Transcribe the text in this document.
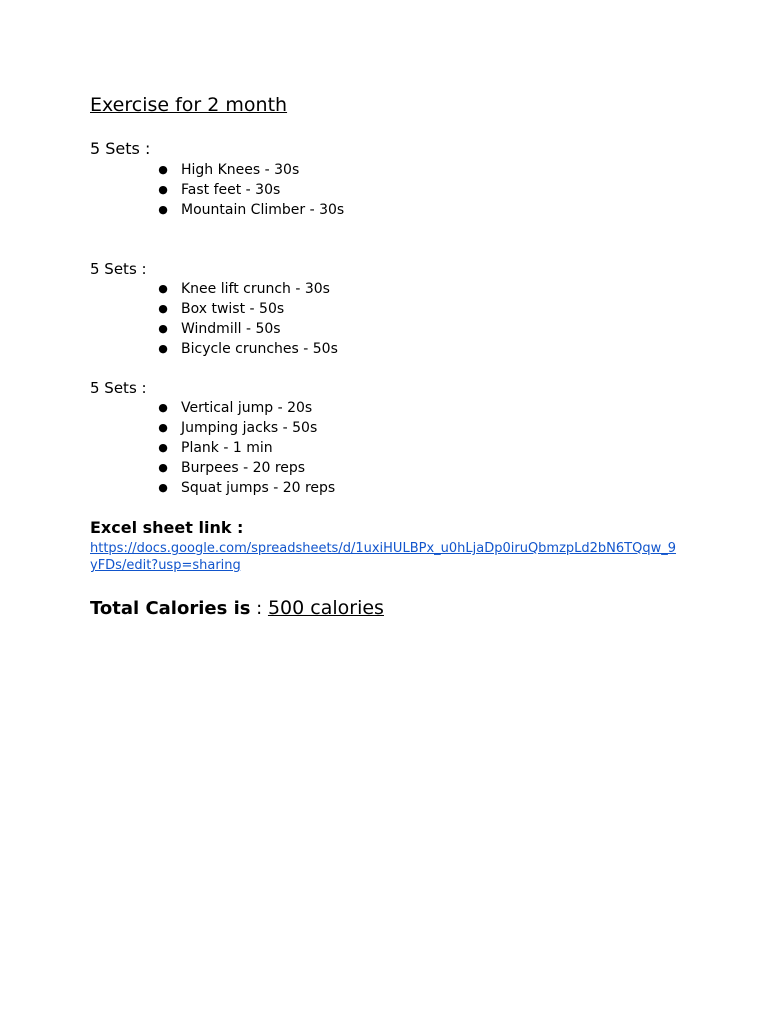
Exercise for 2 month
5 Sets :
● High Knees - 30s
● Fast feet - 30s
● Mountain Climber - 30s
5 Sets :
● Knee lift crunch - 30s
● Box twist - 50s
● Windmill - 50s
● Bicycle crunches - 50s
5 Sets :
● Vertical jump - 20s
● Jumping jacks - 50s
● Plank - 1 min
● Burpees - 20 reps
● Squat jumps - 20 reps
Excel sheet link :
https://docs.google.com/spreadsheets/d/1uxiHULBPx_u0hLjaDp0iruQbmzpLd2bN6TQqw_9yFDs/edit?usp=sharing
Total Calories is : 500 calories
